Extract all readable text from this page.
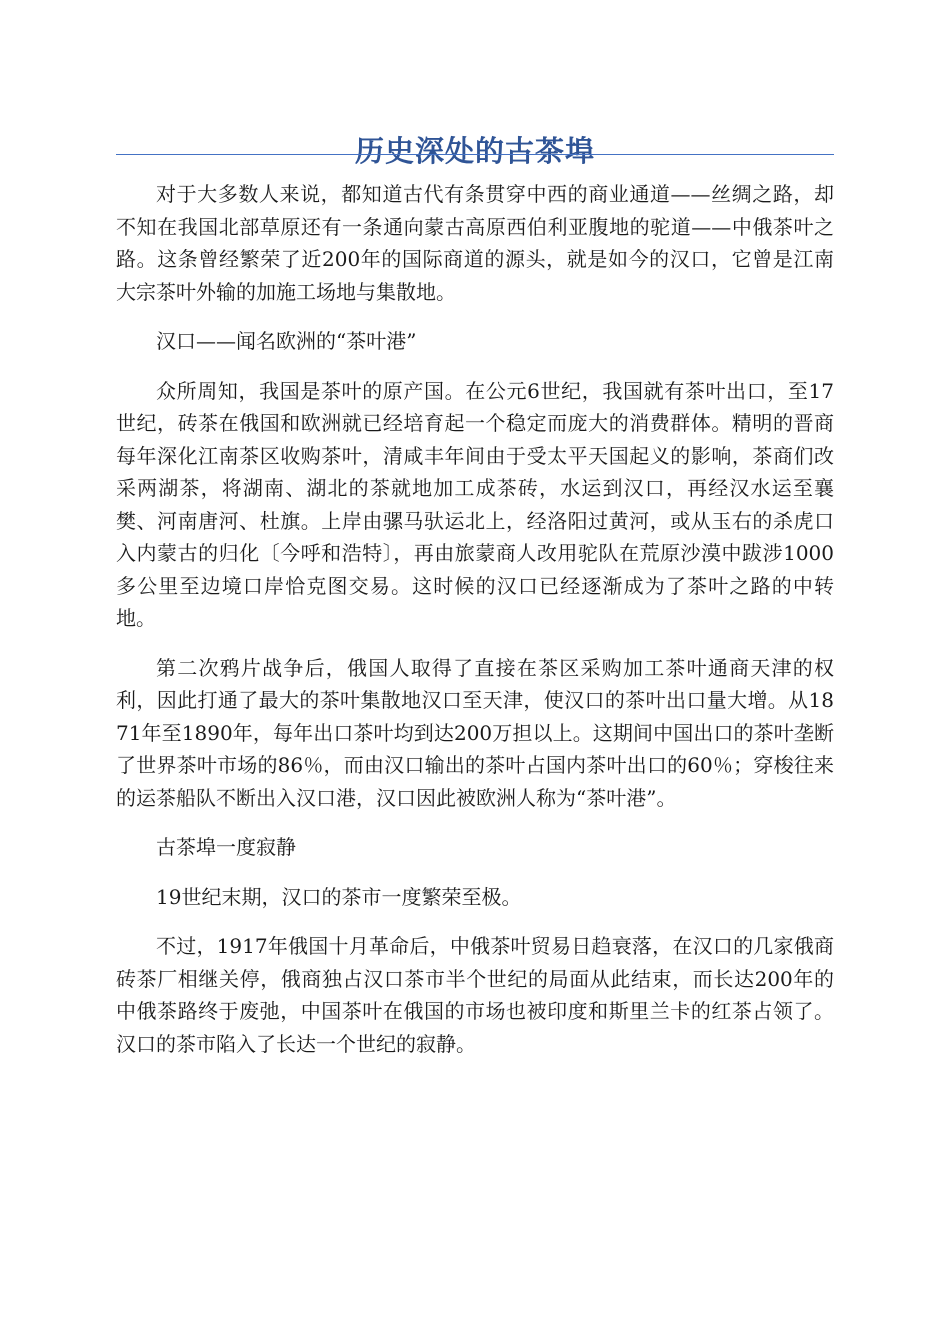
历史深处的古茶埠

对于大多数人来说，都知道古代有条贯穿中西的商业通道——丝绸之路，却不知在我国北部草原还有一条通向蒙古高原西伯利亚腹地的驼道——中俄茶叶之路。这条曾经繁荣了近200年的国际商道的源头，就是如今的汉口，它曾是江南大宗茶叶外输的加施工场地与集散地。

汉口——闻名欧洲的“茶叶港”

众所周知，我国是茶叶的原产国。在公元6世纪，我国就有茶叶出口，至17世纪，砖茶在俄国和欧洲就已经培育起一个稳定而庞大的消费群体。精明的晋商每年深化江南茶区收购茶叶，清咸丰年间由于受太平天国起义的影响，茶商们改采两湖茶，将湖南、湖北的茶就地加工成茶砖，水运到汉口，再经汉水运至襄樊、河南唐河、杜旗。上岸由骡马驮运北上，经洛阳过黄河，或从玉右的杀虎口入内蒙古的归化〔今呼和浩特〕，再由旅蒙商人改用驼队在荒原沙漠中跋涉1000多公里至边境口岸恰克图交易。这时候的汉口已经逐渐成为了茶叶之路的中转地。

第二次鸦片战争后，俄国人取得了直接在茶区采购加工茶叶通商天津的权利，因此打通了最大的茶叶集散地汉口至天津，使汉口的茶叶出口量大增。从1871年至1890年，每年出口茶叶均到达200万担以上。这期间中国出口的茶叶垄断了世界茶叶市场的86％，而由汉口输出的茶叶占国内茶叶出口的60％；穿梭往来的运茶船队不断出入汉口港，汉口因此被欧洲人称为“茶叶港”。

古茶埠一度寂静

19世纪末期，汉口的茶市一度繁荣至极。

不过，1917年俄国十月革命后，中俄茶叶贸易日趋衰落，在汉口的几家俄商砖茶厂相继关停，俄商独占汉口茶市半个世纪的局面从此结束，而长达200年的中俄茶路终于废弛，中国茶叶在俄国的市场也被印度和斯里兰卡的红茶占领了。汉口的茶市陷入了长达一个世纪的寂静。
